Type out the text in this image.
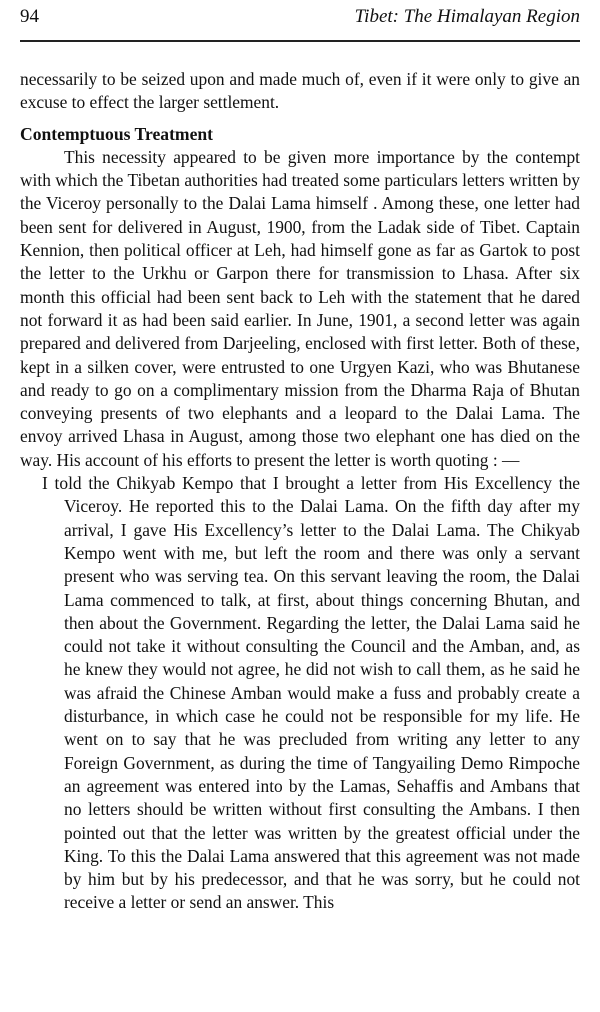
94	Tibet: The Himalayan Region

necessarily to be seized upon and made much of, even if it were only to give an excuse to effect the larger settlement.

Contemptuous Treatment

This necessity appeared to be given more importance by the contempt with which the Tibetan authorities had treated some particulars letters written by the Viceroy personally to the Dalai Lama himself . Among these, one letter had been sent for delivered in August, 1900, from the Ladak side of Tibet. Captain Kennion, then political officer at Leh, had himself gone as far as Gartok to post the letter to the Urkhu or Garpon there for transmission to Lhasa. After six month this official had been sent back to Leh with the statement that he dared not forward it as had been said earlier. In June, 1901, a second letter was again prepared and delivered from Darjeeling, enclosed with first letter. Both of these, kept in a silken cover, were entrusted to one Urgyen Kazi, who was Bhutanese and ready to go on a complimentary mission from the Dharma Raja of Bhutan conveying presents of two elephants and a leopard to the Dalai Lama. The envoy arrived Lhasa in August, among those two elephant one has died on the way. His account of his efforts to present the letter is worth quoting : —

I told the Chikyab Kempo that I brought a letter from His Excellency the Viceroy. He reported this to the Dalai Lama. On the fifth day after my arrival, I gave His Excellency’s letter to the Dalai Lama. The Chikyab Kempo went with me, but left the room and there was only a servant present who was serving tea. On this servant leaving the room, the Dalai Lama commenced to talk, at first, about things concerning Bhutan, and then about the Government. Regarding the letter, the Dalai Lama said he could not take it without consulting the Council and the Amban, and, as he knew they would not agree, he did not wish to call them, as he said he was afraid the Chinese Amban would make a fuss and probably create a disturbance, in which case he could not be responsible for my life. He went on to say that he was precluded from writing any letter to any Foreign Government, as during the time of Tangyailing Demo Rimpoche an agreement was entered into by the Lamas, Sehaffis and Ambans that no letters should be written without first consulting the Ambans. I then pointed out that the letter was written by the greatest official under the King. To this the Dalai Lama answered that this agreement was not made by him but by his predecessor, and that he was sorry, but he could not receive a letter or send an answer. This
